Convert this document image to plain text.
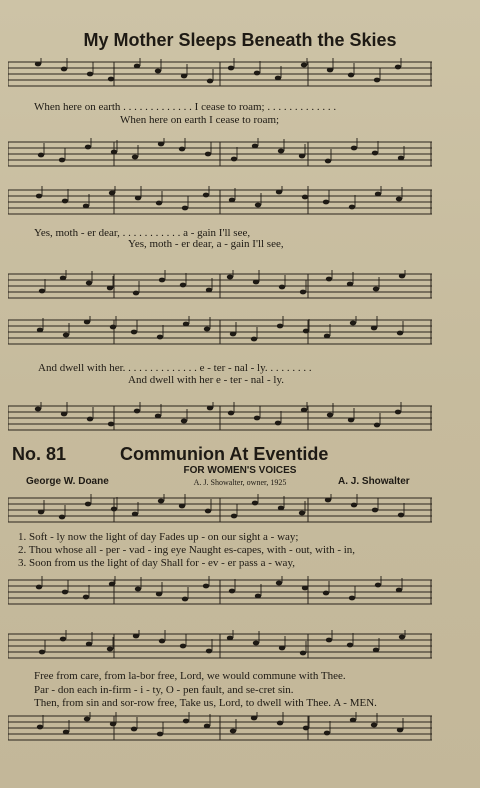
My Mother Sleeps Beneath the Skies
When here on earth . . . . . . . . . . . . . I cease to roam; . . . . . . . . . . . . .
When here on earth I cease to roam;
Yes, moth - er dear, . . . . . . . . . . . a - gain I'll see,
Yes, moth - er dear, a - gain I'll see,
And dwell with her. . . . . . . . . . . . . . e - ter - nal - ly. . . . . . . . .
And dwell with her e - ter - nal - ly.
No. 81	Communion At Eventide
FOR WOMEN'S VOICES
George W. Doane	A. J. Showalter, owner, 1925	A. J. Showalter
1. Soft - ly now the light of day Fades up - on our sight a - way;
2. Thou whose all - per - vad - ing eye Naught es-capes, with - out, with - in,
3. Soon from us the light of day Shall for - ev - er pass a - way,
Free from care, from la-bor free, Lord, we would commune with Thee.
Par - don each in-firm - i - ty, O - pen fault, and se-cret sin.
Then, from sin and sor-row free, Take us, Lord, to dwell with Thee. A - MEN.
